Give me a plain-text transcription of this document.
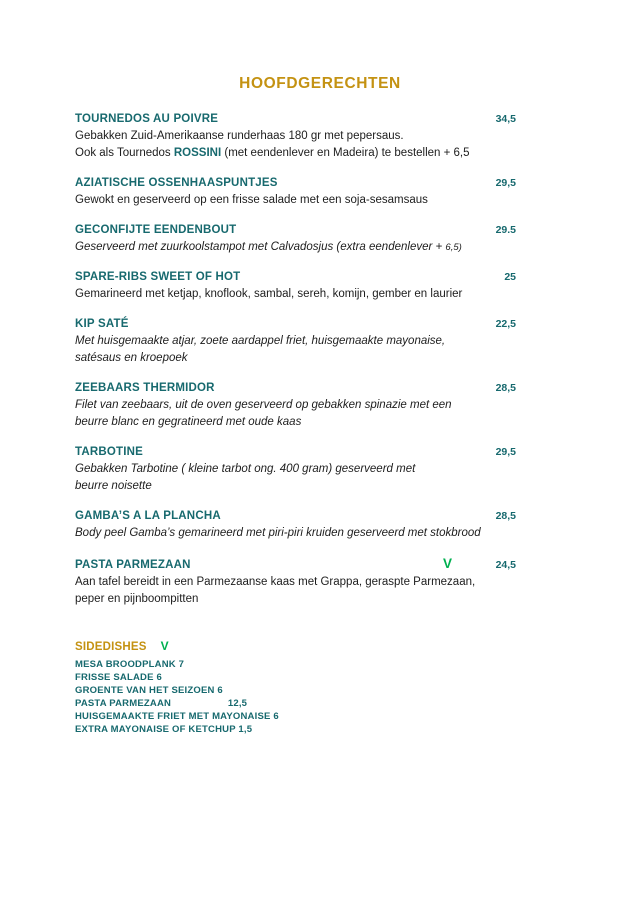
HOOFDGERECHTEN
TOURNEDOS AU POIVRE	34,5
Gebakken Zuid-Amerikaanse runderhaas 180 gr met pepersaus.
Ook als Tournedos ROSSINI (met eendenlever en Madeira) te bestellen + 6,5
AZIATISCHE OSSENHAASPUNTJES	29,5
Gewokt en geserveerd op een frisse salade met een soja-sesamsaus
GECONFIJTE EENDENBOUT	29.5
Geserveerd met zuurkoolstampot met Calvadosjus (extra eendenlever + 6,5)
SPARE-RIBS SWEET OF HOT	25
Gemarineerd met ketjap, knoflook, sambal, sereh, komijn, gember en laurier
KIP SATÉ	22,5
Met huisgemaakte atjar, zoete aardappel friet, huisgemaakte mayonaise,
satésaus en kroepoek
ZEEBAARS THERMIDOR	28,5
Filet van zeebaars, uit de oven geserveerd op gebakken spinazie met een
beurre blanc en gegratineerd met oude kaas
TARBOTINE	29,5
Gebakken Tarbotine ( kleine tarbot ong. 400 gram) geserveerd met
beurre noisette
GAMBA’S A LA PLANCHA	28,5
Body peel Gamba’s gemarineerd met piri-piri kruiden geserveerd met stokbrood
PASTA PARMEZAAN	V	24,5
Aan tafel bereidt in een Parmezaanse kaas met Grappa, geraspte Parmezaan,
peper en pijnboompitten
SIDEDISHES V
MESA BROODPLANK 7
FRISSE SALADE 6
GROENTE VAN HET SEIZOEN 6
PASTA PARMEZAAN                    12,5
HUISGEMAAKTE FRIET MET MAYONAISE 6
EXTRA MAYONAISE OF KETCHUP 1,5
